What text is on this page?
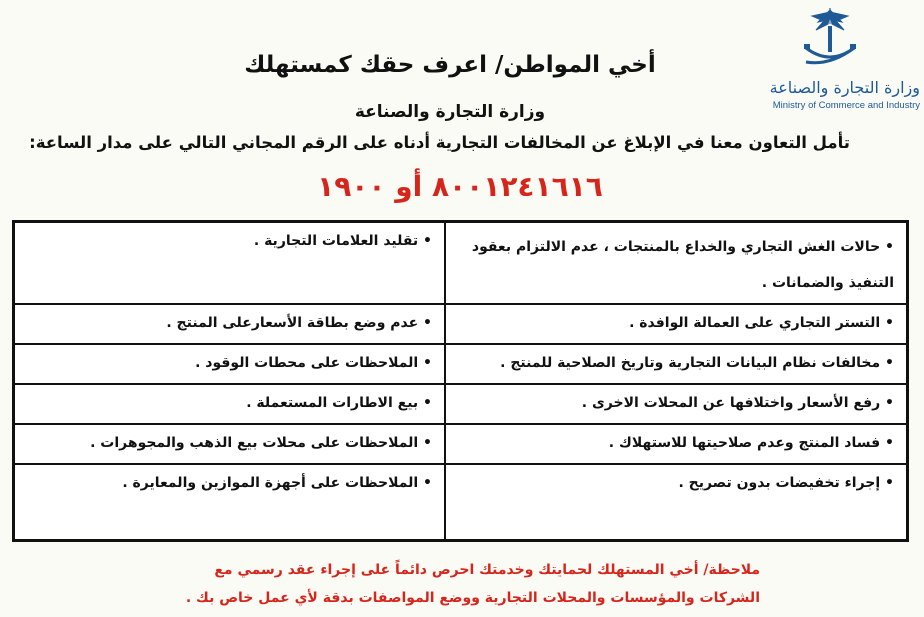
وزارة التجارة والصناعة
Ministry of Commerce and Industry
أخي المواطن/ اعرف حقك كمستهلك
وزارة التجارة والصناعة
تأمل التعاون معنا في الإبلاغ عن المخالفات التجارية أدناه على الرقم المجاني التالي على مدار الساعة:
٨٠٠١٢٤١٦١٦ أو ١٩٠٠
• تقليد العلامات التجارية .	• حالات الغش التجاري والخداع بالمنتجات ، عدم الالتزام بعقود التنفيذ والضمانات .
• عدم وضع بطاقة الأسعارعلى المنتج .	• التستر التجاري على العمالة الوافدة .
• الملاحظات على محطات الوقود .	• مخالفات نظام البيانات التجارية وتاريخ الصلاحية للمنتج .
• بيع الاطارات المستعملة .	• رفع الأسعار واختلافها عن المحلات الاخرى .
• الملاحظات على محلات بيع الذهب والمجوهرات .	• فساد المنتج وعدم صلاحيتها للاستهلاك .
• الملاحظات على أجهزة الموازين والمعايرة .	• إجراء تخفيضات بدون تصريح .
ملاحظة/ أخي المستهلك لحمايتك وخدمتك احرص دائماً على إجراء عقد رسمي مع
الشركات والمؤسسات والمحلات التجارية ووضع المواصفات بدقة لأي عمل خاص بك .
